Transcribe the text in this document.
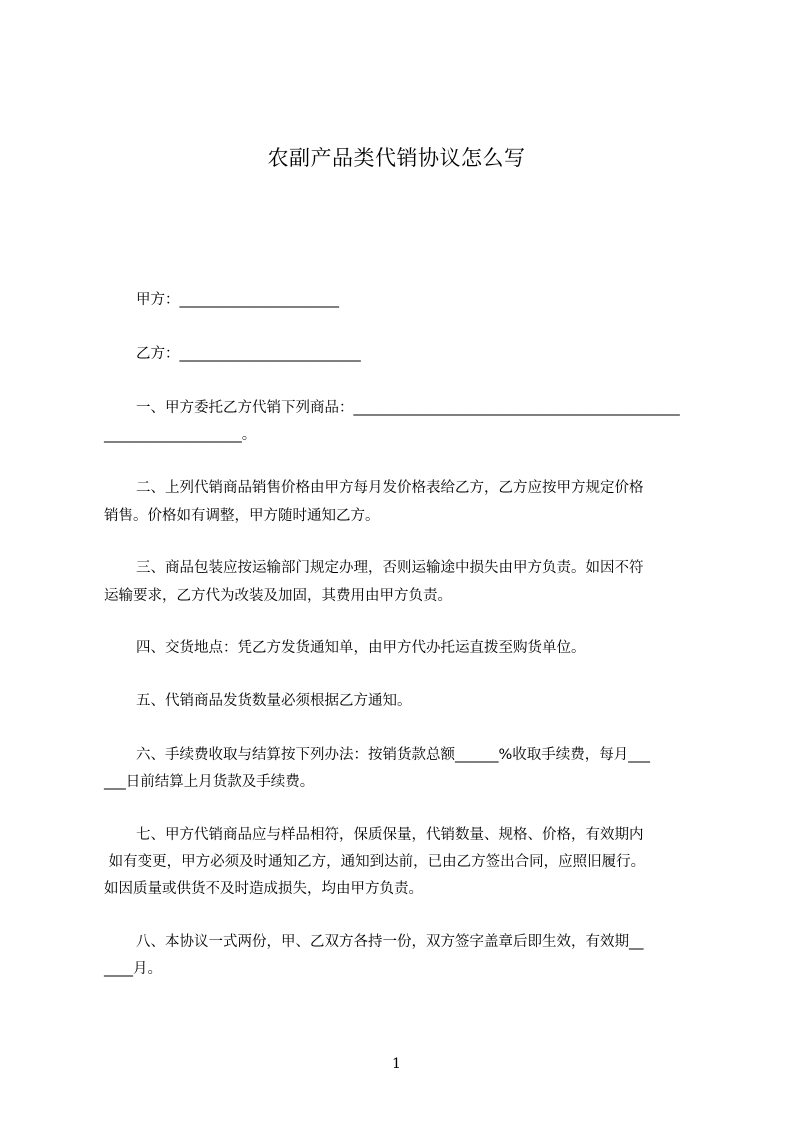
农副产品类代销协议怎么写
甲方：______________________
乙方：_________________________
一、甲方委托乙方代销下列商品：_____________________________________________
___________________。
二、上列代销商品销售价格由甲方每月发价格表给乙方，乙方应按甲方规定价格
销售。价格如有调整，甲方随时通知乙方。
三、商品包装应按运输部门规定办理，否则运输途中损失由甲方负责。如因不符
运输要求，乙方代为改装及加固，其费用由甲方负责。
四、交货地点：凭乙方发货通知单，由甲方代办托运直拨至购货单位。
五、代销商品发货数量必须根据乙方通知。
六、手续费收取与结算按下列办法：按销货款总额______%收取手续费，每月___
___日前结算上月货款及手续费。
七、甲方代销商品应与样品相符，保质保量，代销数量、规格、价格，有效期内
如有变更，甲方必须及时通知乙方，通知到达前，已由乙方签出合同，应照旧履行。
如因质量或供货不及时造成损失，均由甲方负责。
八、本协议一式两份，甲、乙双方各持一份，双方签字盖章后即生效，有效期__
____月。
1
